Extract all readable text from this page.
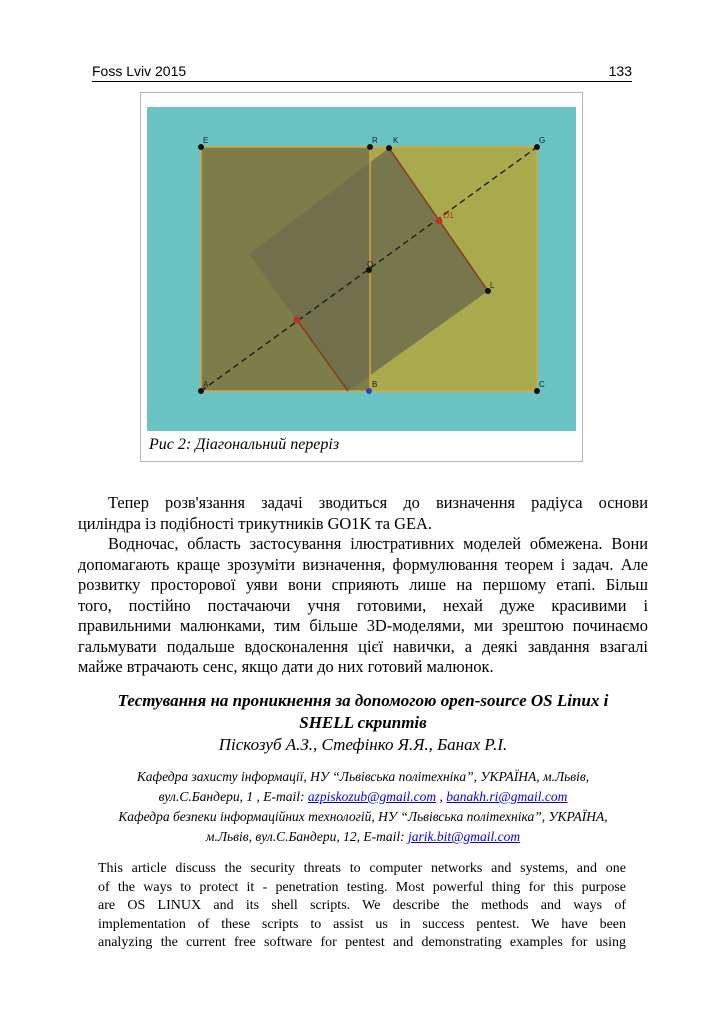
Foss Lviv 2015	133
E	R K	G
O1
O
L
A	B	C
Рис 2: Діагональний переріз
Тепер розв'язання задачі зводиться до визначення радіуса основи
циліндра із подібності трикутників GO1K та GEA.
Водночас, область застосування ілюстративних моделей обмежена. Вони
допомагають краще зрозуміти визначення, формулювання теорем і задач. Але
розвитку просторової уяви вони сприяють лише на першому етапі. Більш
того, постійно постачаючи учня готовими, нехай дуже красивими і
правильними малюнками, тим більше 3D-моделями, ми зрештою починаємо
гальмувати подальше вдосконалення цієї навички, а деякі завдання взагалі
майже втрачають сенс, якщо дати до них готовий малюнок.
Тестування на проникнення за допомогою open-source OS Linux і
SHELL скриптів
Піскозуб А.З., Стефінко Я.Я., Банах Р.І.
Кафедра захисту інформації, НУ “Львівська політехніка”, УКРАЇНА, м.Львів,
вул.С.Бандери, 1 , E-mail: azpiskozub@gmail.com , banakh.ri@gmail.com
Кафедра безпеки інформаційних технологій, НУ “Львівська політехніка”, УКРАЇНА,
м.Львів, вул.С.Бандери, 12, E-mail: jarik.bit@gmail.com
This article discuss the security threats to computer networks and systems, and one
of the ways to protect it - penetration testing. Most powerful thing for this purpose
are OS LINUX and its shell scripts. We describe the methods and ways of
implementation of these scripts to assist us in success pentest. We have been
analyzing the current free software for pentest and demonstrating examples for using
